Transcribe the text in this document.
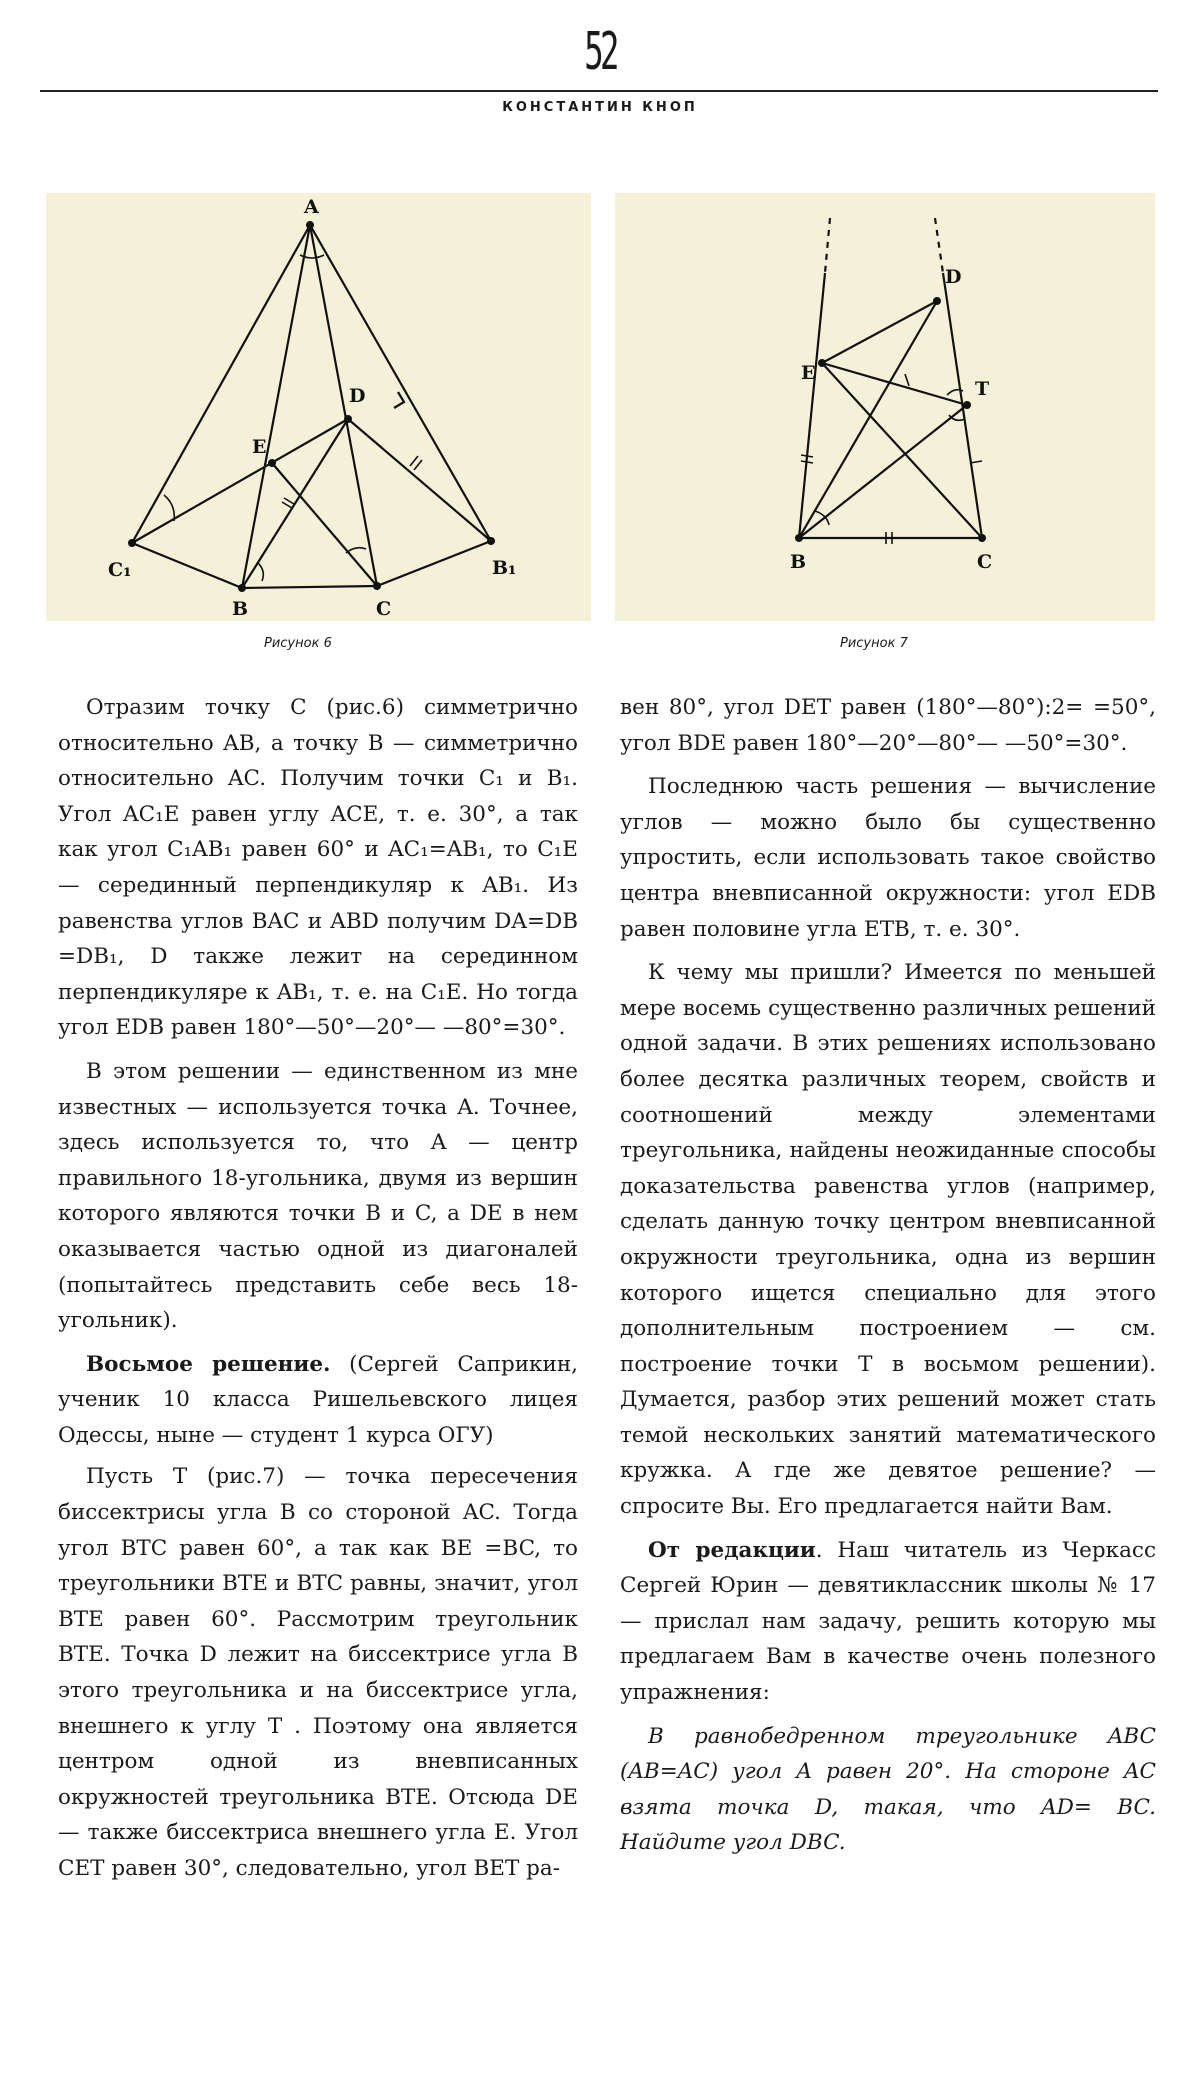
52
КОНСТАНТИН КНОП
A
D
E
C₁
B	C
B₁
D
E
T
B	C
Рисунок 6	Рисунок 7

Отразим точку С (рис.6) симметрично относительно AB, а точку B — симметрично относительно AC. Получим точки C₁ и B₁. Угол AC₁E равен углу ACE, т. е. 30°, а так как угол C₁AB₁ равен 60° и AC₁=AB₁, то C₁E — серединный перпендикуляр к AB₁. Из равенства углов BAC и ABD получим DA=DB =DB₁, D также лежит на серединном перпендикуляре к AB₁, т. е. на C₁E. Но тогда угол EDB равен 180°—50°—20°— —80°=30°.

В этом решении — единственном из мне известных — используется точка A. Точнее, здесь используется то, что A — центр правильного 18-угольника, двумя из вершин которого являются точки B и C, а DE в нем оказывается частью одной из диагоналей (попытайтесь представить себе весь 18-угольник).

Восьмое решение. (Сергей Саприкин, ученик 10 класса Ришельевского лицея Одессы, ныне — студент 1 курса ОГУ)

Пусть T (рис.7) — точка пересечения биссектрисы угла B со стороной AC. Тогда угол BTC равен 60°, а так как BE =BC, то треугольники BTE и BTC равны, значит, угол BTE равен 60°. Рассмотрим треугольник BTE. Точка D лежит на биссектрисе угла B этого треугольника и на биссектрисе угла, внешнего к углу T . Поэтому она является центром одной из вневписанных окружностей треугольника BTE. Отсюда DE — также биссектриса внешнего угла E. Угол CET равен 30°, следовательно, угол BET ра-

вен 80°, угол DET равен (180°—80°):2= =50°, угол BDE равен 180°—20°—80°— —50°=30°.

Последнюю часть решения — вычисление углов — можно было бы существенно упростить, если использовать такое свойство центра вневписанной окружности: угол EDB равен половине угла ETB, т. е. 30°.

К чему мы пришли? Имеется по меньшей мере восемь существенно различных решений одной задачи. В этих решениях использовано более десятка различных теорем, свойств и соотношений между элементами треугольника, найдены неожиданные способы доказательства равенства углов (например, сделать данную точку центром вневписанной окружности треугольника, одна из вершин которого ищется специально для этого дополнительным построением — см. построение точки T в восьмом решении). Думается, разбор этих решений может стать темой нескольких занятий математического кружка. А где же девятое решение? — спросите Вы. Его предлагается найти Вам.

От редакции. Наш читатель из Черкасс Сергей Юрин — девятиклассник школы № 17 — прислал нам задачу, решить которую мы предлагаем Вам в качестве очень полезного упражнения:

В равнобедренном треугольнике ABC (AB=AC) угол A равен 20°. На стороне AC взята точка D, такая, что AD= BC. Найдите угол DBC.
